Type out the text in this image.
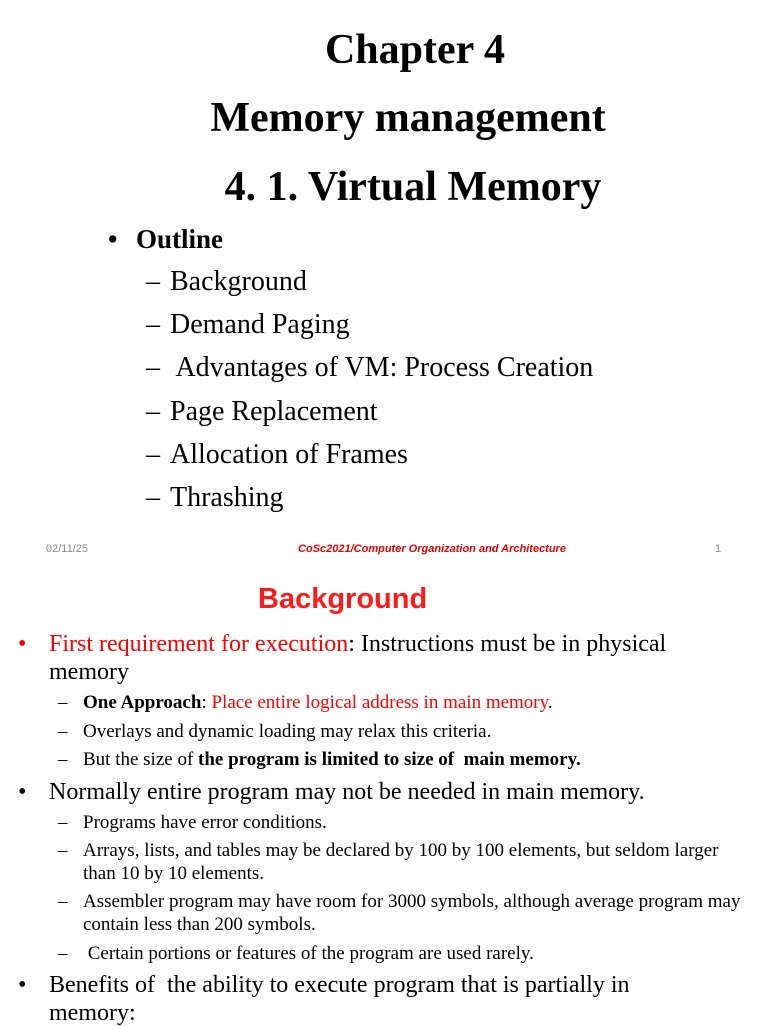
Chapter 4
Memory management
4. 1. Virtual Memory
• Outline
– Background
– Demand Paging
– Advantages of VM: Process Creation
– Page Replacement
– Allocation of Frames
– Thrashing
02/11/25	CoSc2021/Computer Organization and Architecture	1
Background
• First requirement for execution: Instructions must be in physical memory
– One Approach: Place entire logical address in main memory.
– Overlays and dynamic loading may relax this criteria.
– But the size of the program is limited to size of  main memory.
• Normally entire program may not be needed in main memory.
– Programs have error conditions.
– Arrays, lists, and tables may be declared by 100 by 100 elements, but seldom larger than 10 by 10 elements.
– Assembler program may have room for 3000 symbols, although average program may contain less than 200 symbols.
– Certain portions or features of the program are used rarely.
• Benefits of  the ability to execute program that is partially in memory:
